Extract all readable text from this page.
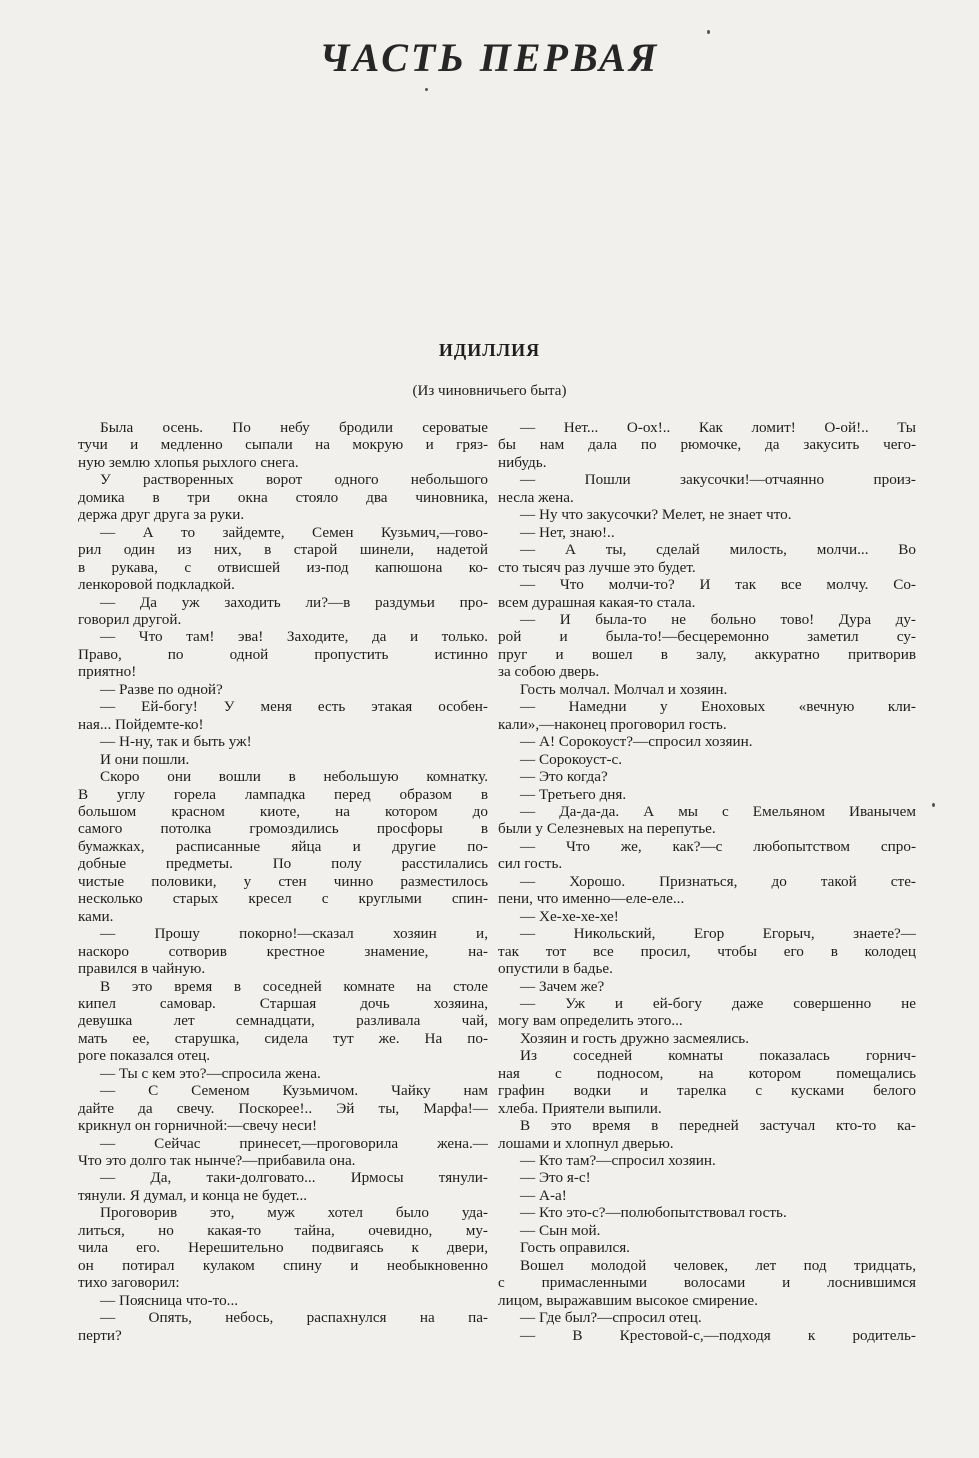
ЧАСТЬ ПЕРВАЯ
ИДИЛЛИЯ
(Из чиновничьего быта)
Была осень. По небу бродили сероватые
тучи и медленно сыпали на мокрую и гряз-
ную землю хлопья рыхлого снега.
У растворенных ворот одного небольшого
домика в три окна стояло два чиновника,
держа друг друга за руки.
— А то зайдемте, Семен Кузьмич,—гово-
рил один из них, в старой шинели, надетой
в рукава, с отвисшей из-под капюшона ко-
ленкоровой подкладкой.
— Да уж заходить ли?—в раздумьи про-
говорил другой.
— Что там! эва! Заходите, да и только.
Право, по одной пропустить истинно
приятно!
— Разве по одной?
— Ей-богу! У меня есть этакая особен-
ная... Пойдемте-ко!
— Н-ну, так и быть уж!
И они пошли.
Скоро они вошли в небольшую комнатку.
В углу горела лампадка перед образом в
большом красном киоте, на котором до
самого потолка громоздились просфоры в
бумажках, расписанные яйца и другие по-
добные предметы. По полу расстилались
чистые половики, у стен чинно разместилось
несколько старых кресел с круглыми спин-
ками.
— Прошу покорно!—сказал хозяин и,
наскоро сотворив крестное знамение, на-
правился в чайную.
В это время в соседней комнате на столе
кипел самовар. Старшая дочь хозяина,
девушка лет семнадцати, разливала чай,
мать ее, старушка, сидела тут же. На по-
роге показался отец.
— Ты с кем это?—спросила жена.
— С Семеном Кузьмичом. Чайку нам
дайте да свечу. Поскорее!.. Эй ты, Марфа!—
крикнул он горничной:—свечу неси!
— Сейчас принесет,—проговорила жена.—
Что это долго так нынче?—прибавила она.
— Да, таки-долговато... Ирмосы тянули-
тянули. Я думал, и конца не будет...
Проговорив это, муж хотел было уда-
литься, но какая-то тайна, очевидно, му-
чила его. Нерешительно подвигаясь к двери,
он потирал кулаком спину и необыкновенно
тихо заговорил:
— Поясница что-то...
— Опять, небось, распахнулся на па-
перти?
— Нет... О-ох!.. Как ломит! О-ой!.. Ты
бы нам дала по рюмочке, да закусить чего-
нибудь.
— Пошли закусочки!—отчаянно произ-
несла жена.
— Ну что закусочки? Мелет, не знает что.
— Нет, знаю!..
— А ты, сделай милость, молчи... Во
сто тысяч раз лучше это будет.
— Что молчи-то? И так все молчу. Со-
всем дурашная какая-то стала.
— И была-то не больно тово! Дура ду-
рой и была-то!—бесцеремонно заметил су-
пруг и вошел в залу, аккуратно притворив
за собою дверь.
Гость молчал. Молчал и хозяин.
— Намедни у Еноховых «вечную кли-
кали»,—наконец проговорил гость.
— А! Сорокоуст?—спросил хозяин.
— Сорокоуст-с.
— Это когда?
— Третьего дня.
— Да-да-да. А мы с Емельяном Иванычем
были у Селезневых на перепутье.
— Что же, как?—с любопытством спро-
сил гость.
— Хорошо. Признаться, до такой сте-
пени, что именно—еле-еле...
— Хе-хе-хе-хе!
— Никольский, Егор Егорыч, знаете?—
так тот все просил, чтобы его в колодец
опустили в бадье.
— Зачем же?
— Уж и ей-богу даже совершенно не
могу вам определить этого...
Хозяин и гость дружно засмеялись.
Из соседней комнаты показалась горнич-
ная с подносом, на котором помещались
графин водки и тарелка с кусками белого
хлеба. Приятели выпили.
В это время в передней застучал кто-то ка-
лошами и хлопнул дверью.
— Кто там?—спросил хозяин.
— Это я-с!
— А-а!
— Кто это-с?—полюбопытствовал гость.
— Сын мой.
Гость оправился.
Вошел молодой человек, лет под тридцать,
с примасленными волосами и лоснившимся
лицом, выражавшим высокое смирение.
— Где был?—спросил отец.
— В Крестовой-с,—подходя к родитель-
